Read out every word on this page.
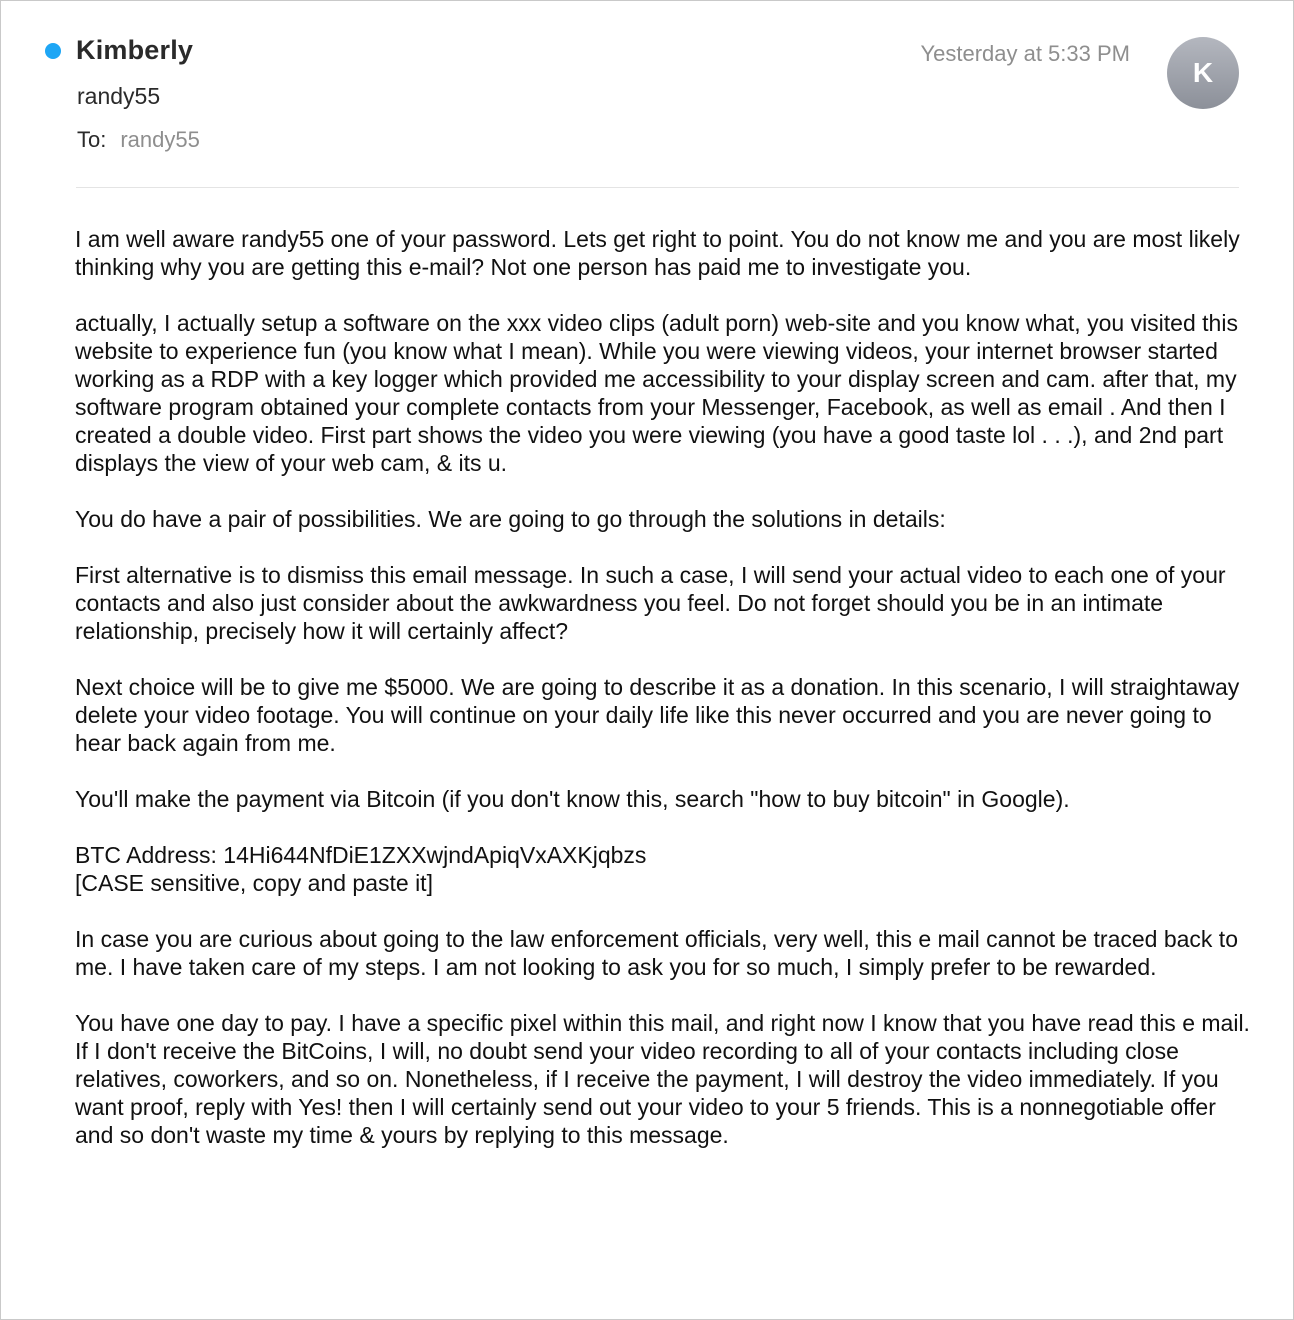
Kimberly	Yesterday at 5:33 PM
K
randy55
To: randy55

I am well aware randy55 one of your password. Lets get right to point. You do not know me and you are most likely thinking why you are getting this e-mail? Not one person has paid me to investigate you.

actually, I actually setup a software on the xxx video clips (adult porn) web-site and you know what, you visited this website to experience fun (you know what I mean). While you were viewing videos, your internet browser started working as a RDP with a key logger which provided me accessibility to your display screen and cam. after that, my software program obtained your complete contacts from your Messenger, Facebook, as well as email . And then I created a double video. First part shows the video you were viewing (you have a good taste lol . . .), and 2nd part displays the view of your web cam, & its u.

You do have a pair of possibilities. We are going to go through the solutions in details:

First alternative is to dismiss this email message. In such a case, I will send your actual video to each one of your contacts and also just consider about the awkwardness you feel. Do not forget should you be in an intimate relationship, precisely how it will certainly affect?

Next choice will be to give me $5000. We are going to describe it as a donation. In this scenario, I will straightaway delete your video footage. You will continue on your daily life like this never occurred and you are never going to hear back again from me.

You'll make the payment via Bitcoin (if you don't know this, search "how to buy bitcoin" in Google).

BTC Address: 14Hi644NfDiE1ZXXwjndApiqVxAXKjqbzs
[CASE sensitive, copy and paste it]

In case you are curious about going to the law enforcement officials, very well, this e mail cannot be traced back to me. I have taken care of my steps. I am not looking to ask you for so much, I simply prefer to be rewarded.

You have one day to pay. I have a specific pixel within this mail, and right now I know that you have read this e mail. If I don't receive the BitCoins, I will, no doubt send your video recording to all of your contacts including close relatives, coworkers, and so on. Nonetheless, if I receive the payment, I will destroy the video immediately. If you want proof, reply with Yes! then I will certainly send out your video to your 5 friends. This is a nonnegotiable offer and so don't waste my time & yours by replying to this message.
